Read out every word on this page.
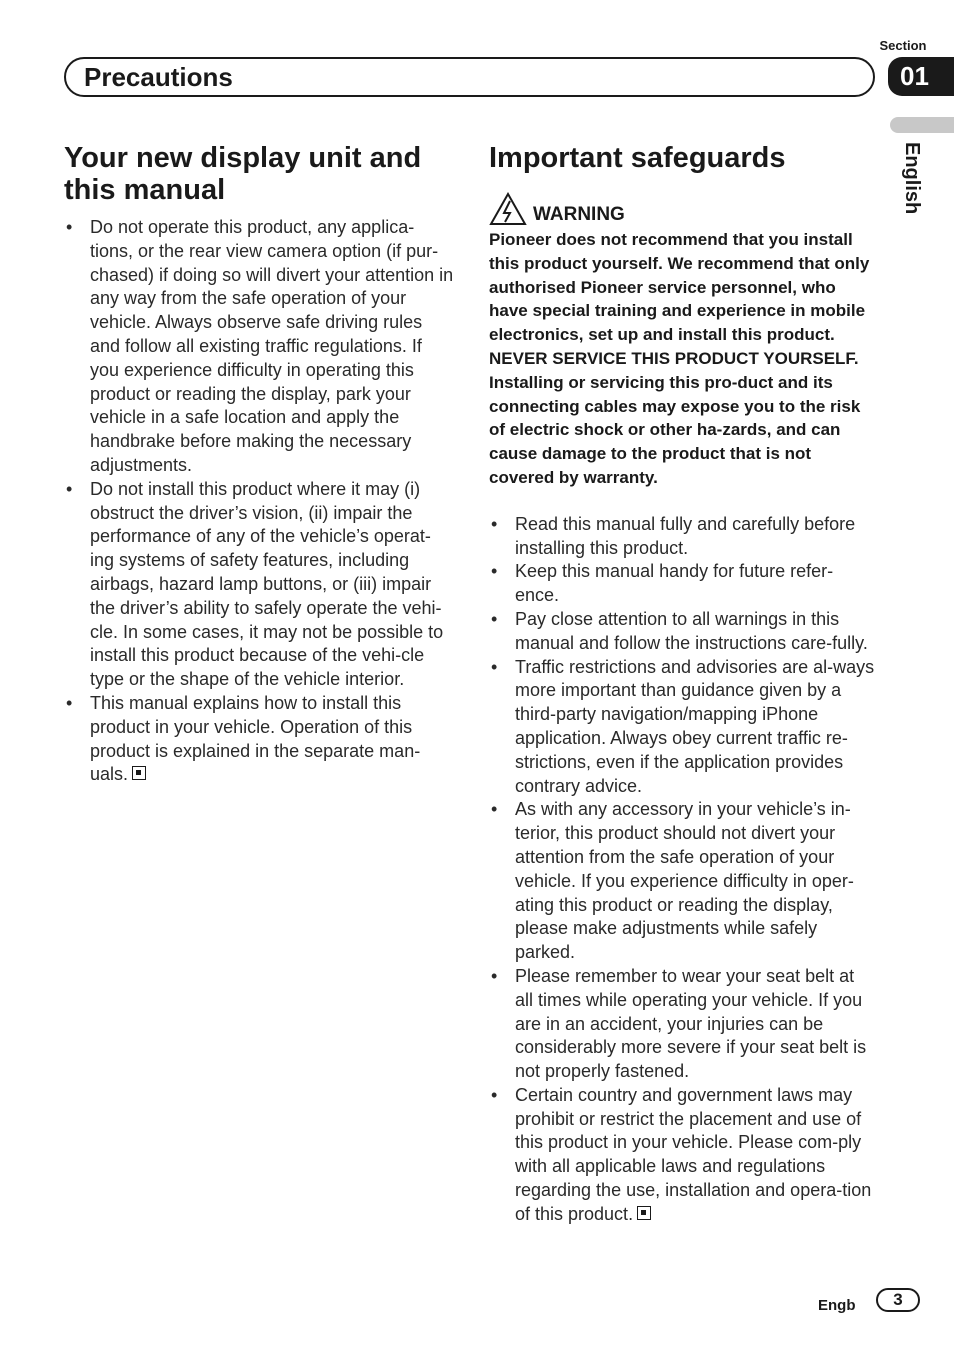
Section
01
Precautions
English
Your new display unit and this manual
• Do not operate this product, any applica-tions, or the rear view camera option (if pur-chased) if doing so will divert your attention in any way from the safe operation of your vehicle. Always observe safe driving rules and follow all existing traffic regulations. If you experience difficulty in operating this product or reading the display, park your vehicle in a safe location and apply the handbrake before making the necessary adjustments.
• Do not install this product where it may (i) obstruct the driver’s vision, (ii) impair the performance of any of the vehicle’s operat-ing systems of safety features, including airbags, hazard lamp buttons, or (iii) impair the driver’s ability to safely operate the vehi-cle. In some cases, it may not be possible to install this product because of the vehi-cle type or the shape of the vehicle interior.
• This manual explains how to install this product in your vehicle. Operation of this product is explained in the separate man-uals.
Important safeguards
WARNING

Pioneer does not recommend that you install this product yourself. We recommend that only authorised Pioneer service personnel, who have special training and experience in mobile electronics, set up and install this product. NEVER SERVICE THIS PRODUCT YOURSELF. Installing or servicing this pro-duct and its connecting cables may expose you to the risk of electric shock or other ha-zards, and can cause damage to the product that is not covered by warranty.

• Read this manual fully and carefully before installing this product.
• Keep this manual handy for future refer-ence.
• Pay close attention to all warnings in this manual and follow the instructions care-fully.
• Traffic restrictions and advisories are al-ways more important than guidance given by a third-party navigation/mapping iPhone application. Always obey current traffic re-strictions, even if the application provides contrary advice.
• As with any accessory in your vehicle’s in-terior, this product should not divert your attention from the safe operation of your vehicle. If you experience difficulty in oper-ating this product or reading the display, please make adjustments while safely parked.
• Please remember to wear your seat belt at all times while operating your vehicle. If you are in an accident, your injuries can be considerably more severe if your seat belt is not properly fastened.
• Certain country and government laws may prohibit or restrict the placement and use of this product in your vehicle. Please com-ply with all applicable laws and regulations regarding the use, installation and opera-tion of this product.
Engb	3
